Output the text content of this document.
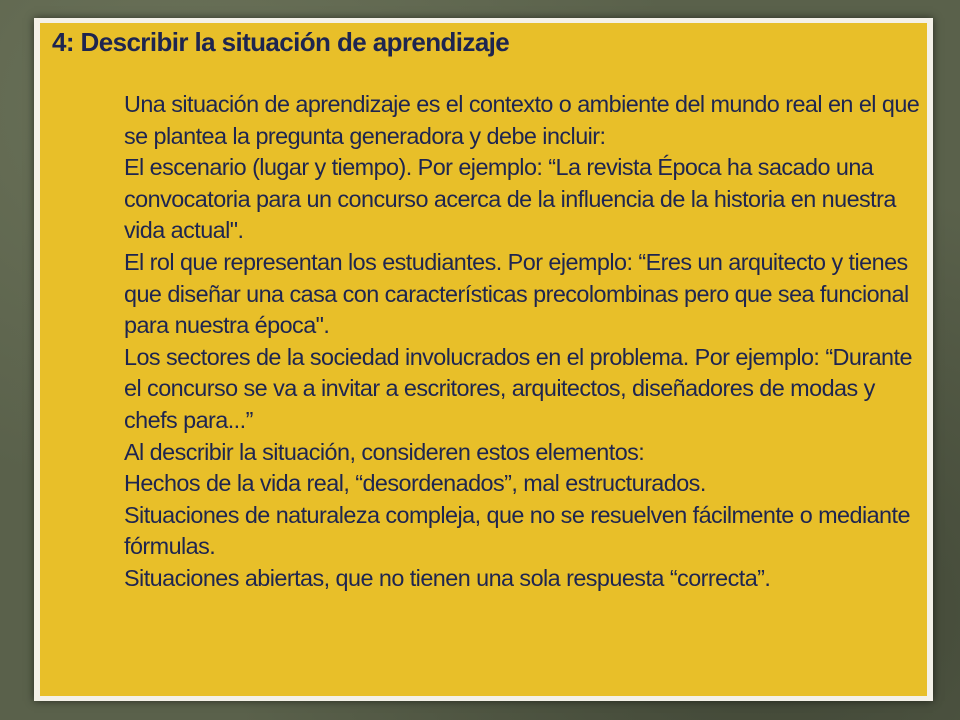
4: Describir la situación de aprendizaje
Una situación de aprendizaje es el contexto o ambiente del mundo real en el que se plantea la pregunta generadora y debe incluir:
El escenario (lugar y tiempo). Por ejemplo: “La revista Época ha sacado una convocatoria para un concurso acerca de la influencia de la historia en nuestra vida actual".
El rol que representan los estudiantes. Por ejemplo: “Eres un arquitecto y tienes que diseñar una casa con características precolombinas pero que sea funcional para nuestra época".
Los sectores de la sociedad involucrados en el problema. Por ejemplo: “Durante el concurso se va a invitar a escritores, arquitectos, diseñadores de modas y chefs para...”
Al describir la situación, consideren estos elementos:
Hechos de la vida real, “desordenados”, mal estructurados.
Situaciones de naturaleza compleja, que no se resuelven fácilmente o mediante fórmulas.
Situaciones abiertas, que no tienen una sola respuesta “correcta”.
